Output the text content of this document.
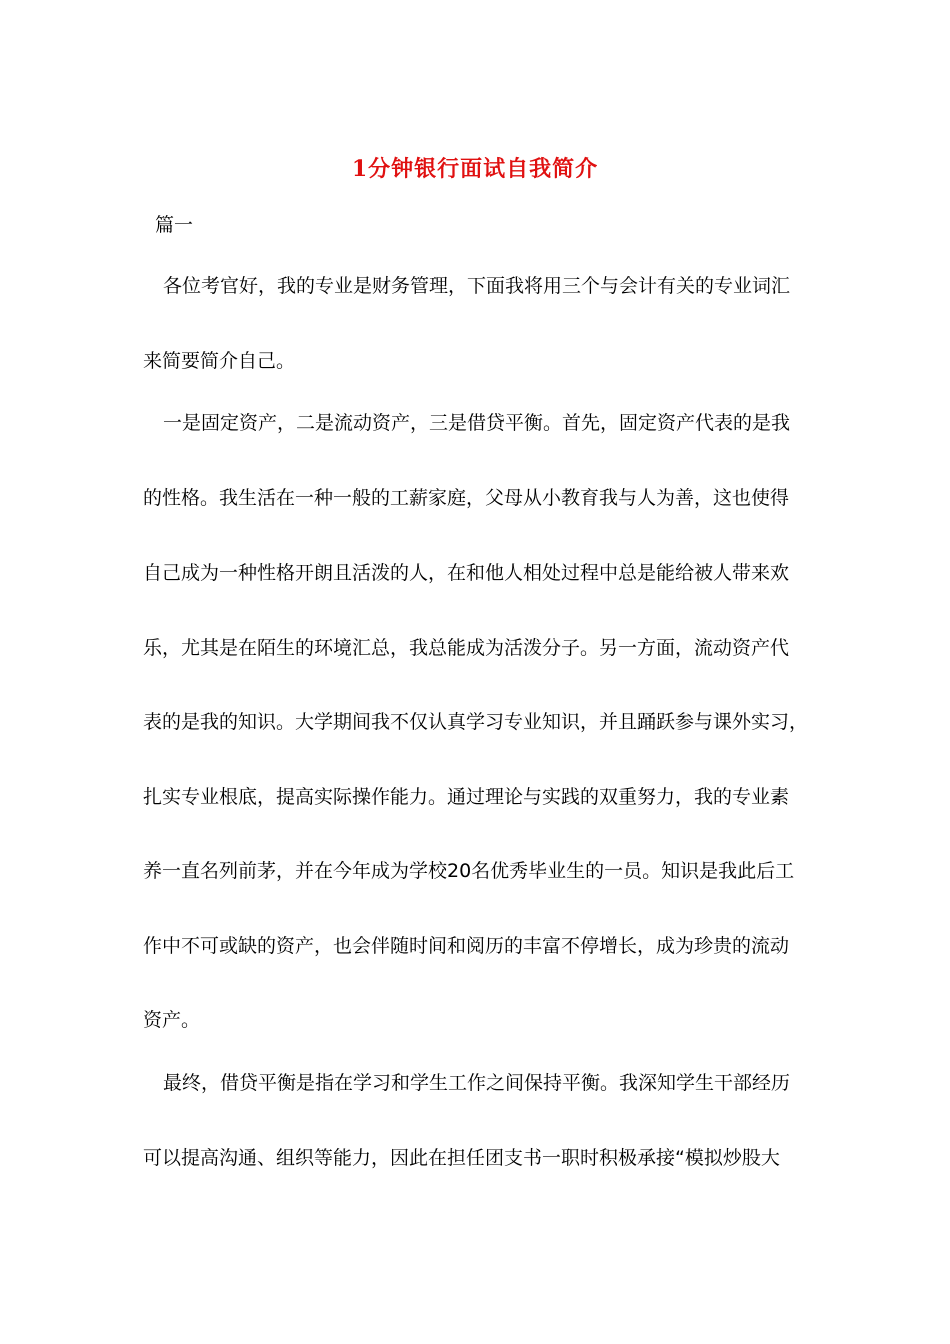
1分钟银行面试自我简介
篇一
各位考官好，我的专业是财务管理，下面我将用三个与会计有关的专业词汇
来简要简介自己。
一是固定资产，二是流动资产，三是借贷平衡。首先，固定资产代表的是我
的性格。我生活在一种一般的工薪家庭，父母从小教育我与人为善，这也使得
自己成为一种性格开朗且活泼的人，在和他人相处过程中总是能给被人带来欢
乐，尤其是在陌生的环境汇总，我总能成为活泼分子。另一方面，流动资产代
表的是我的知识。大学期间我不仅认真学习专业知识，并且踊跃参与课外实习，
扎实专业根底，提高实际操作能力。通过理论与实践的双重努力，我的专业素
养一直名列前茅，并在今年成为学校20名优秀毕业生的一员。知识是我此后工
作中不可或缺的资产，也会伴随时间和阅历的丰富不停增长，成为珍贵的流动
资产。
最终，借贷平衡是指在学习和学生工作之间保持平衡。我深知学生干部经历
可以提高沟通、组织等能力，因此在担任团支书一职时积极承接“模拟炒股大
